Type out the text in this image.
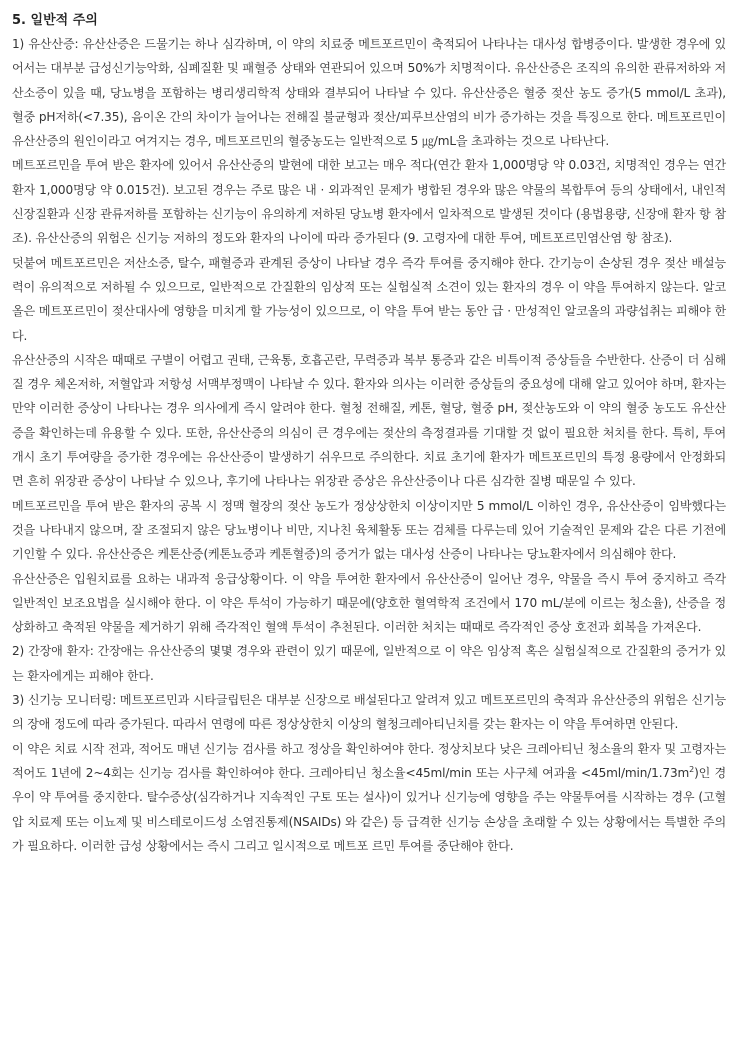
5. 일반적 주의

1) 유산산증: 유산산증은 드물기는 하나 심각하며, 이 약의 치료중 메트포르민이 축적되어 나타나는 대사성 합병증이다. 발생한 경우에 있어서는 대부분 급성신기능악화, 심폐질환 및 패혈증 상태와 연관되어 있으며 50%가 치명적이다. 유산산증은 조직의 유의한 관류저하와 저산소증이 있을 때, 당뇨병을 포함하는 병리생리학적 상태와 결부되어 나타날 수 있다. 유산산증은 혈중 젖산 농도 증가(5 mmol/L 초과), 혈중 pH저하(<7.35), 음이온 간의 차이가 늘어나는 전해질 불균형과 젖산/피루브산염의 비가 증가하는 것을 특징으로 한다. 메트포르민이 유산산증의 원인이라고 여겨지는 경우, 메트포르민의 혈중농도는 일반적으로 5 ㎍/mL을 초과하는 것으로 나타난다.

메트포르민을 투여 받은 환자에 있어서 유산산증의 발현에 대한 보고는 매우 적다(연간 환자 1,000명당 약 0.03건, 치명적인 경우는 연간 환자 1,000명당 약 0.015건). 보고된 경우는 주로 많은 내 · 외과적인 문제가 병합된 경우와 많은 약물의 복합투여 등의 상태에서, 내인적 신장질환과 신장 관류저하를 포함하는 신기능이 유의하게 저하된 당뇨병 환자에서 일차적으로 발생된 것이다 (용법용량, 신장애 환자 항 참조). 유산산증의 위험은 신기능 저하의 정도와 환자의 나이에 따라 증가된다 (9. 고령자에 대한 투여, 메트포르민염산염 항 참조).

덧붙여 메트포르민은 저산소증, 탈수, 패혈증과 관계된 증상이 나타날 경우 즉각 투여를 중지해야 한다. 간기능이 손상된 경우 젖산 배설능력이 유의적으로 저하될 수 있으므로, 일반적으로 간질환의 임상적 또는 실험실적 소견이 있는 환자의 경우 이 약을 투여하지 않는다. 알코올은 메트포르민이 젖산대사에 영향을 미치게 할 가능성이 있으므로, 이 약을 투여 받는 동안 급 · 만성적인 알코올의 과량섭취는 피해야 한다.

유산산증의 시작은 때때로 구별이 어렵고 권태, 근육통, 호흡곤란, 무력증과 복부 통증과 같은 비특이적 증상들을 수반한다. 산증이 더 심해질 경우 체온저하, 저혈압과 저항성 서맥부정맥이 나타날 수 있다. 환자와 의사는 이러한 증상들의 중요성에 대해 알고 있어야 하며, 환자는 만약 이러한 증상이 나타나는 경우 의사에게 즉시 알려야 한다. 혈청 전해질, 케톤, 혈당, 혈중 pH, 젖산농도와 이 약의 혈중 농도도 유산산증을 확인하는데 유용할 수 있다. 또한, 유산산증의 의심이 큰 경우에는 젖산의 측정결과를 기대할 것 없이 필요한 처치를 한다. 특히, 투여 개시 초기 투여량을 증가한 경우에는 유산산증이 발생하기 쉬우므로 주의한다. 치료 초기에 환자가 메트포르민의 특정 용량에서 안정화되면 흔히 위장관 증상이 나타날 수 있으나, 후기에 나타나는 위장관 증상은 유산산증이나 다른 심각한 질병 때문일 수 있다.

메트포르민을 투여 받은 환자의 공복 시 정맥 혈장의 젖산 농도가 정상상한치 이상이지만 5 mmol/L 이하인 경우, 유산산증이 임박했다는 것을 나타내지 않으며, 잘 조절되지 않은 당뇨병이나 비만, 지나친 육체활동 또는 검체를 다루는데 있어 기술적인 문제와 같은 다른 기전에 기인할 수 있다. 유산산증은 케톤산증(케톤뇨증과 케톤혈증)의 증거가 없는 대사성 산증이 나타나는 당뇨환자에서 의심해야 한다.

유산산증은 입원치료를 요하는 내과적 응급상황이다. 이 약을 투여한 환자에서 유산산증이 일어난 경우, 약물을 즉시 투여 중지하고 즉각 일반적인 보조요법을 실시해야 한다. 이 약은 투석이 가능하기 때문에(양호한 혈역학적 조건에서 170 mL/분에 이르는 청소율), 산증을 정상화하고 축적된 약물을 제거하기 위해 즉각적인 혈액 투석이 추천된다. 이러한 처치는 때때로 즉각적인 증상 호전과 회복을 가져온다.

2) 간장애 환자: 간장애는 유산산증의 몇몇 경우와 관련이 있기 때문에, 일반적으로 이 약은 임상적 혹은 실험실적으로 간질환의 증거가 있는 환자에게는 피해야 한다.

3) 신기능 모니터링: 메트포르민과 시타글립틴은 대부분 신장으로 배설된다고 알려져 있고 메트포르민의 축적과 유산산증의 위험은 신기능의 장애 정도에 따라 증가된다. 따라서 연령에 따른 정상상한치 이상의 혈청크레아티닌치를 갖는 환자는 이 약을 투여하면 안된다.

이 약은 치료 시작 전과, 적어도 매년 신기능 검사를 하고 정상을 확인하여야 한다. 정상치보다 낮은 크레아티닌 청소율의 환자 및 고령자는 적어도 1년에 2~4회는 신기능 검사를 확인하여야 한다. 크레아티닌 청소율<45ml/min 또는 사구체 여과율 $<45ml/\min/1.73m^2$)인 경우이 약 투여를 중지한다. 탈수증상(심각하거나 지속적인 구토 또는 설사)이 있거나 신기능에 영향을 주는 약물투여를 시작하는 경우 (고혈압 치료제 또는 이뇨제 및 비스테로이드성 소염진통제(NSAIDs) 와 같은) 등 급격한 신기능 손상을 초래할 수 있는 상황에서는 특별한 주의가 필요하다. 이러한 급성 상황에서는 즉시 그리고 일시적으로 메트포 르민 투여를 중단해야 한다.
